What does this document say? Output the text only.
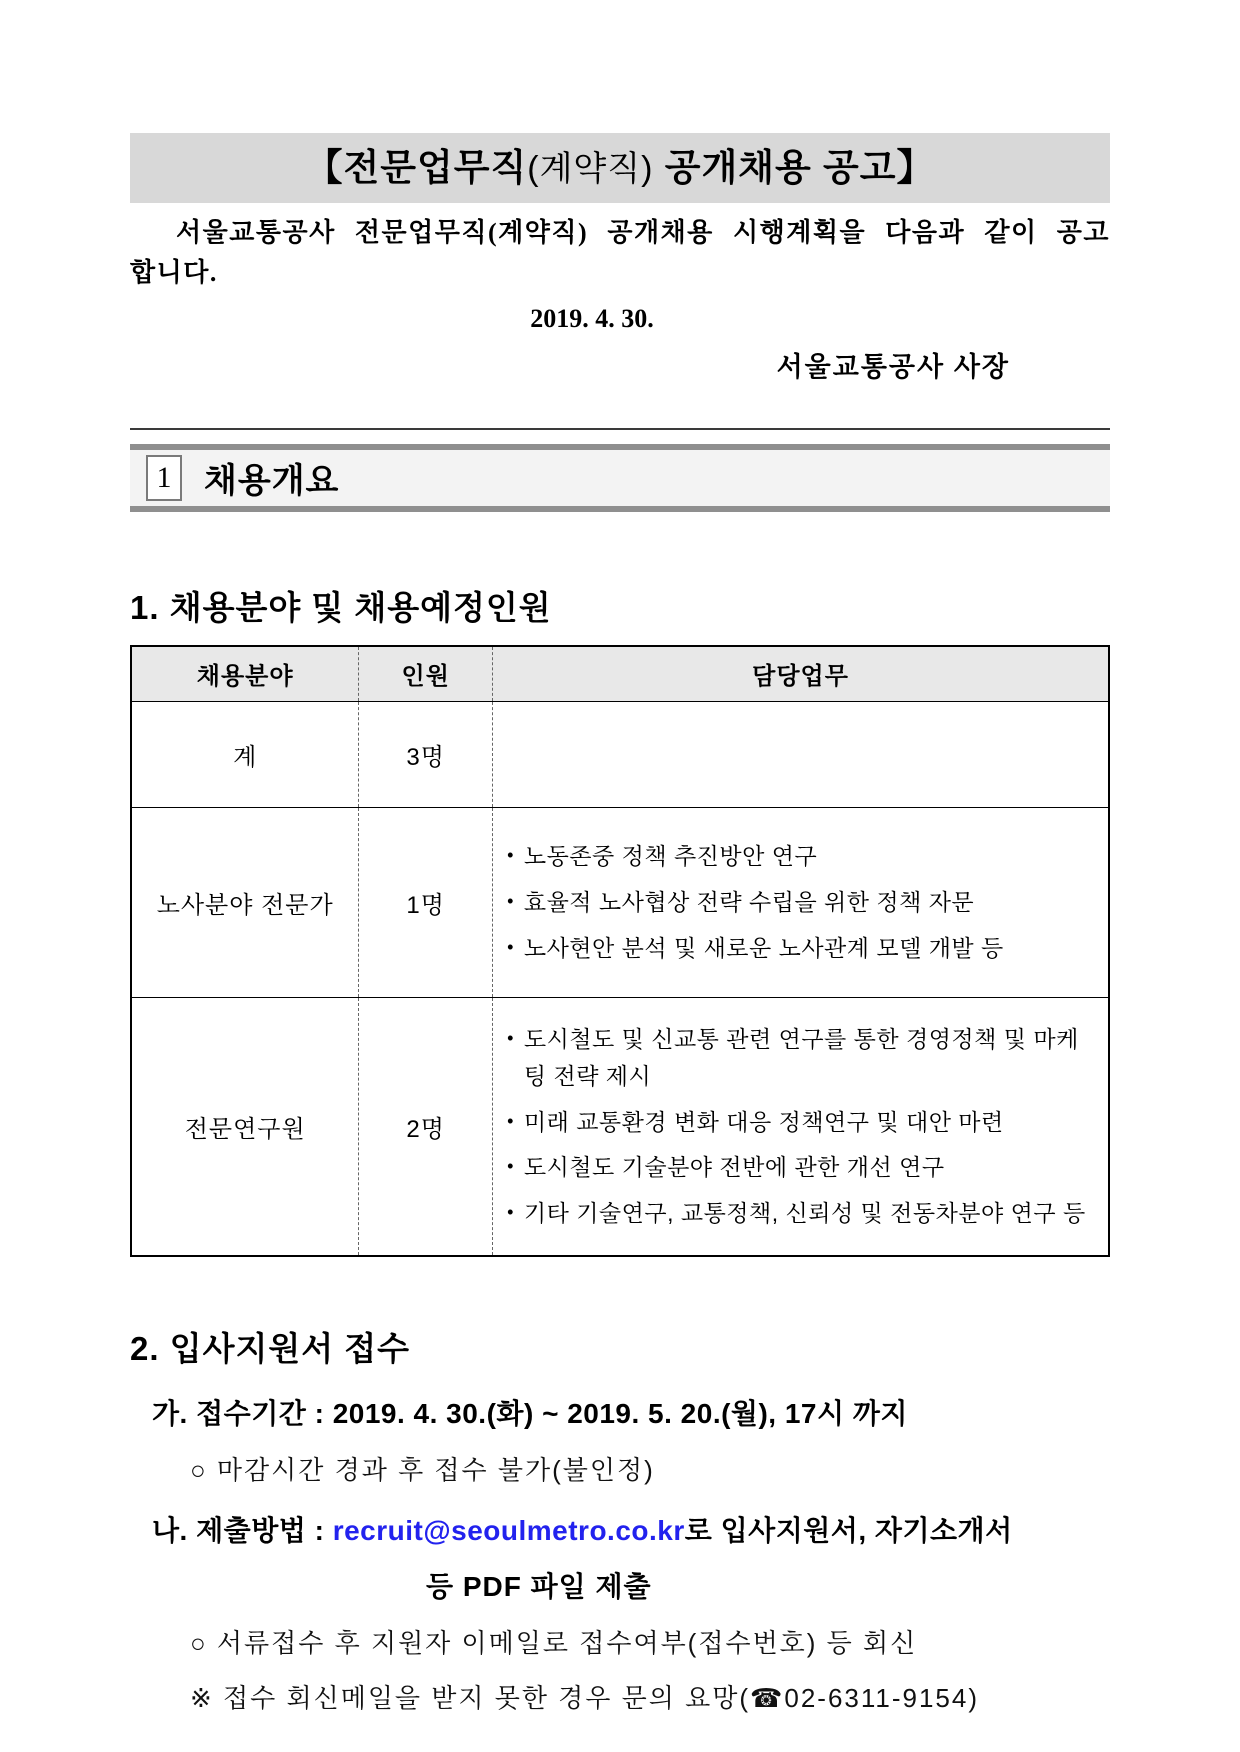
【전문업무직(계약직) 공개채용 공고】

서울교통공사 전문업무직(계약직) 공개채용 시행계획을 다음과 같이 공고합니다.

2019. 4. 30.
서울교통공사 사장
1 채용개요
1. 채용분야 및 채용예정인원
채용분야	인원	담당업무
계	3명	
노사분야 전문가	1명	
• 노동존중 정책 추진방안 연구
• 효율적 노사협상 전략 수립을 위한 정책 자문
• 노사현안 분석 및 새로운 노사관계 모델 개발 등

전문연구원	2명	
• 도시철도 및 신교통 관련 연구를 통한 경영정책 및 마케팅 전략 제시
• 미래 교통환경 변화 대응 정책연구 및 대안 마련
• 도시철도 기술분야 전반에 관한 개선 연구
• 기타 기술연구, 교통정책, 신뢰성 및 전동차분야 연구 등
2. 입사지원서 접수
가. 접수기간 : 2019. 4. 30.(화) ~ 2019. 5. 20.(월), 17시 까지
○ 마감시간 경과 후 접수 불가(불인정)
나. 제출방법 : recruit@seoulmetro.co.kr로 입사지원서, 자기소개서
등 PDF 파일 제출
○ 서류접수 후 지원자 이메일로 접수여부(접수번호) 등 회신
※ 접수 회신메일을 받지 못한 경우 문의 요망(☎02-6311-9154)
